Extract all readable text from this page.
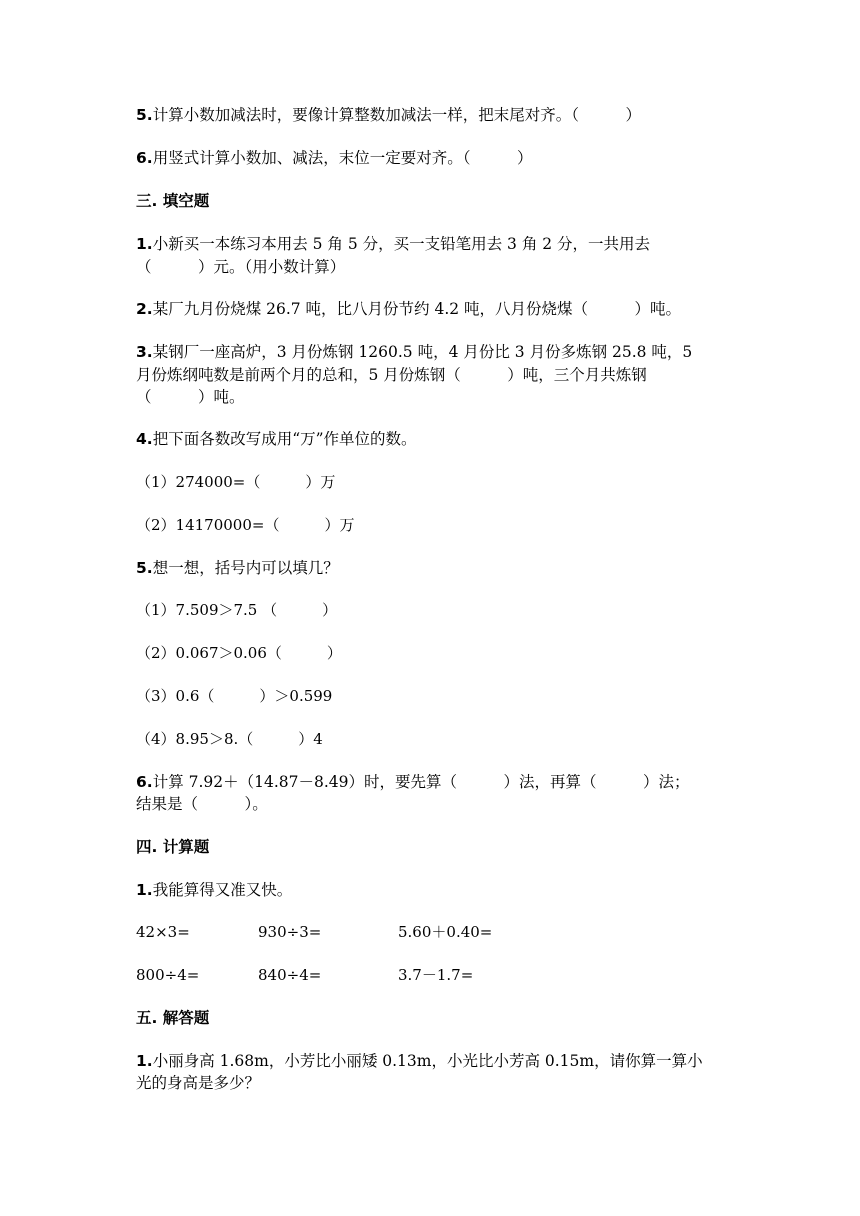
5.计算小数加减法时，要像计算整数加减法一样，把末尾对齐。（　　　）
6.用竖式计算小数加、减法，末位一定要对齐。（　　　）
三. 填空题
1.小新买一本练习本用去 5 角 5 分，买一支铅笔用去 3 角 2 分，一共用去
（　　　）元。（用小数计算）
2.某厂九月份烧煤 26.7 吨，比八月份节约 4.2 吨，八月份烧煤（　　　）吨。
3.某钢厂一座高炉，3 月份炼钢 1260.5 吨，4 月份比 3 月份多炼钢 25.8 吨，5
月份炼纲吨数是前两个月的总和，5 月份炼钢（　　　）吨，三个月共炼钢
（　　　）吨。
4.把下面各数改写成用“万”作单位的数。
（1）274000=（　　　）万
（2）14170000=（　　　）万
5.想一想，括号内可以填几？
（1）7.509＞7.5 （　　　）
（2）0.067＞0.06（　　　）
（3）0.6（　　　）＞0.599
（4）8.95＞8.（　　　）4
6.计算 7.92＋（14.87－8.49）时，要先算（　　　）法，再算（　　　）法；
结果是（　　　）。
四. 计算题
1.我能算得又准又快。
42×3=	930÷3=	5.60＋0.40=
800÷4=	840÷4=	3.7－1.7=
五. 解答题
1.小丽身高 1.68m，小芳比小丽矮 0.13m，小光比小芳高 0.15m，请你算一算小
光的身高是多少？
